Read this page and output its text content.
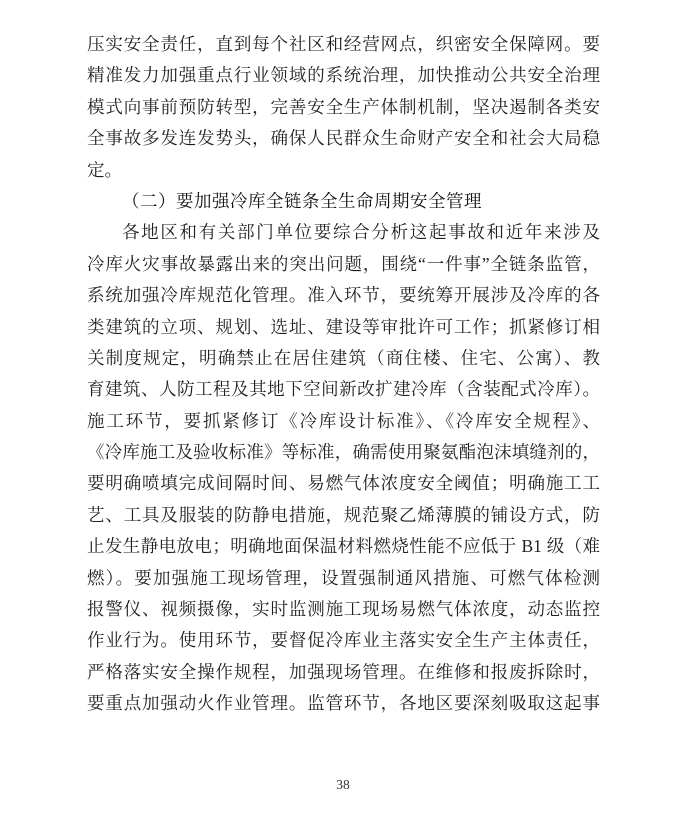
压实安全责任，直到每个社区和经营网点，织密安全保障网。要
精准发力加强重点行业领域的系统治理，加快推动公共安全治理
模式向事前预防转型，完善安全生产体制机制，坚决遏制各类安
全事故多发连发势头，确保人民群众生命财产安全和社会大局稳
定。
（二）要加强冷库全链条全生命周期安全管理
各地区和有关部门单位要综合分析这起事故和近年来涉及
冷库火灾事故暴露出来的突出问题，围绕“一件事”全链条监管，
系统加强冷库规范化管理。准入环节，要统筹开展涉及冷库的各
类建筑的立项、规划、选址、建设等审批许可工作；抓紧修订相
关制度规定，明确禁止在居住建筑（商住楼、住宅、公寓）、教
育建筑、人防工程及其地下空间新改扩建冷库（含装配式冷库）。
施工环节，要抓紧修订《冷库设计标准》、《冷库安全规程》、
《冷库施工及验收标准》等标准，确需使用聚氨酯泡沫填缝剂的，
要明确喷填完成间隔时间、易燃气体浓度安全阈值；明确施工工
艺、工具及服装的防静电措施，规范聚乙烯薄膜的铺设方式，防
止发生静电放电；明确地面保温材料燃烧性能不应低于 B1 级（难
燃）。要加强施工现场管理，设置强制通风措施、可燃气体检测
报警仪、视频摄像，实时监测施工现场易燃气体浓度，动态监控
作业行为。使用环节，要督促冷库业主落实安全生产主体责任，
严格落实安全操作规程，加强现场管理。在维修和报废拆除时，
要重点加强动火作业管理。监管环节，各地区要深刻吸取这起事
38
